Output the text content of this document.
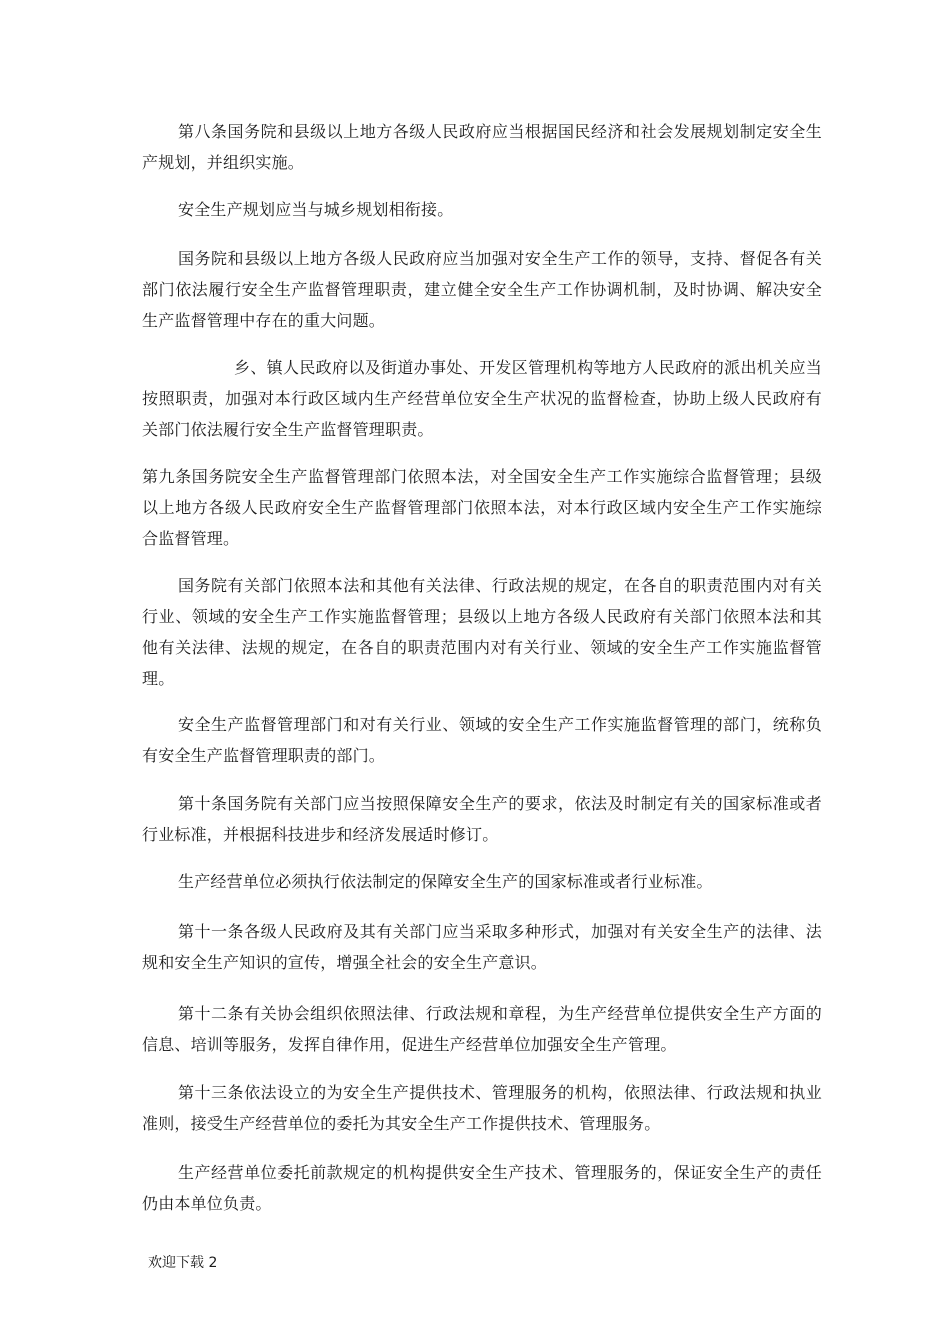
第八条国务院和县级以上地方各级人民政府应当根据国民经济和社会发展规划制定安全生产规划，并组织实施。

安全生产规划应当与城乡规划相衔接。

国务院和县级以上地方各级人民政府应当加强对安全生产工作的领导，支持、督促各有关部门依法履行安全生产监督管理职责，建立健全安全生产工作协调机制，及时协调、解决安全生产监督管理中存在的重大问题。

乡、镇人民政府以及街道办事处、开发区管理机构等地方人民政府的派出机关应当按照职责，加强对本行政区域内生产经营单位安全生产状况的监督检查，协助上级人民政府有关部门依法履行安全生产监督管理职责。

第九条国务院安全生产监督管理部门依照本法，对全国安全生产工作实施综合监督管理；县级以上地方各级人民政府安全生产监督管理部门依照本法，对本行政区域内安全生产工作实施综合监督管理。

国务院有关部门依照本法和其他有关法律、行政法规的规定，在各自的职责范围内对有关行业、领域的安全生产工作实施监督管理；县级以上地方各级人民政府有关部门依照本法和其他有关法律、法规的规定，在各自的职责范围内对有关行业、领域的安全生产工作实施监督管理。

安全生产监督管理部门和对有关行业、领域的安全生产工作实施监督管理的部门，统称负有安全生产监督管理职责的部门。

第十条国务院有关部门应当按照保障安全生产的要求，依法及时制定有关的国家标准或者行业标准，并根据科技进步和经济发展适时修订。

生产经营单位必须执行依法制定的保障安全生产的国家标准或者行业标准。

第十一条各级人民政府及其有关部门应当采取多种形式，加强对有关安全生产的法律、法规和安全生产知识的宣传，增强全社会的安全生产意识。

第十二条有关协会组织依照法律、行政法规和章程，为生产经营单位提供安全生产方面的信息、培训等服务，发挥自律作用，促进生产经营单位加强安全生产管理。

第十三条依法设立的为安全生产提供技术、管理服务的机构，依照法律、行政法规和执业准则，接受生产经营单位的委托为其安全生产工作提供技术、管理服务。

生产经营单位委托前款规定的机构提供安全生产技术、管理服务的，保证安全生产的责任仍由本单位负责。

欢迎下载 2
